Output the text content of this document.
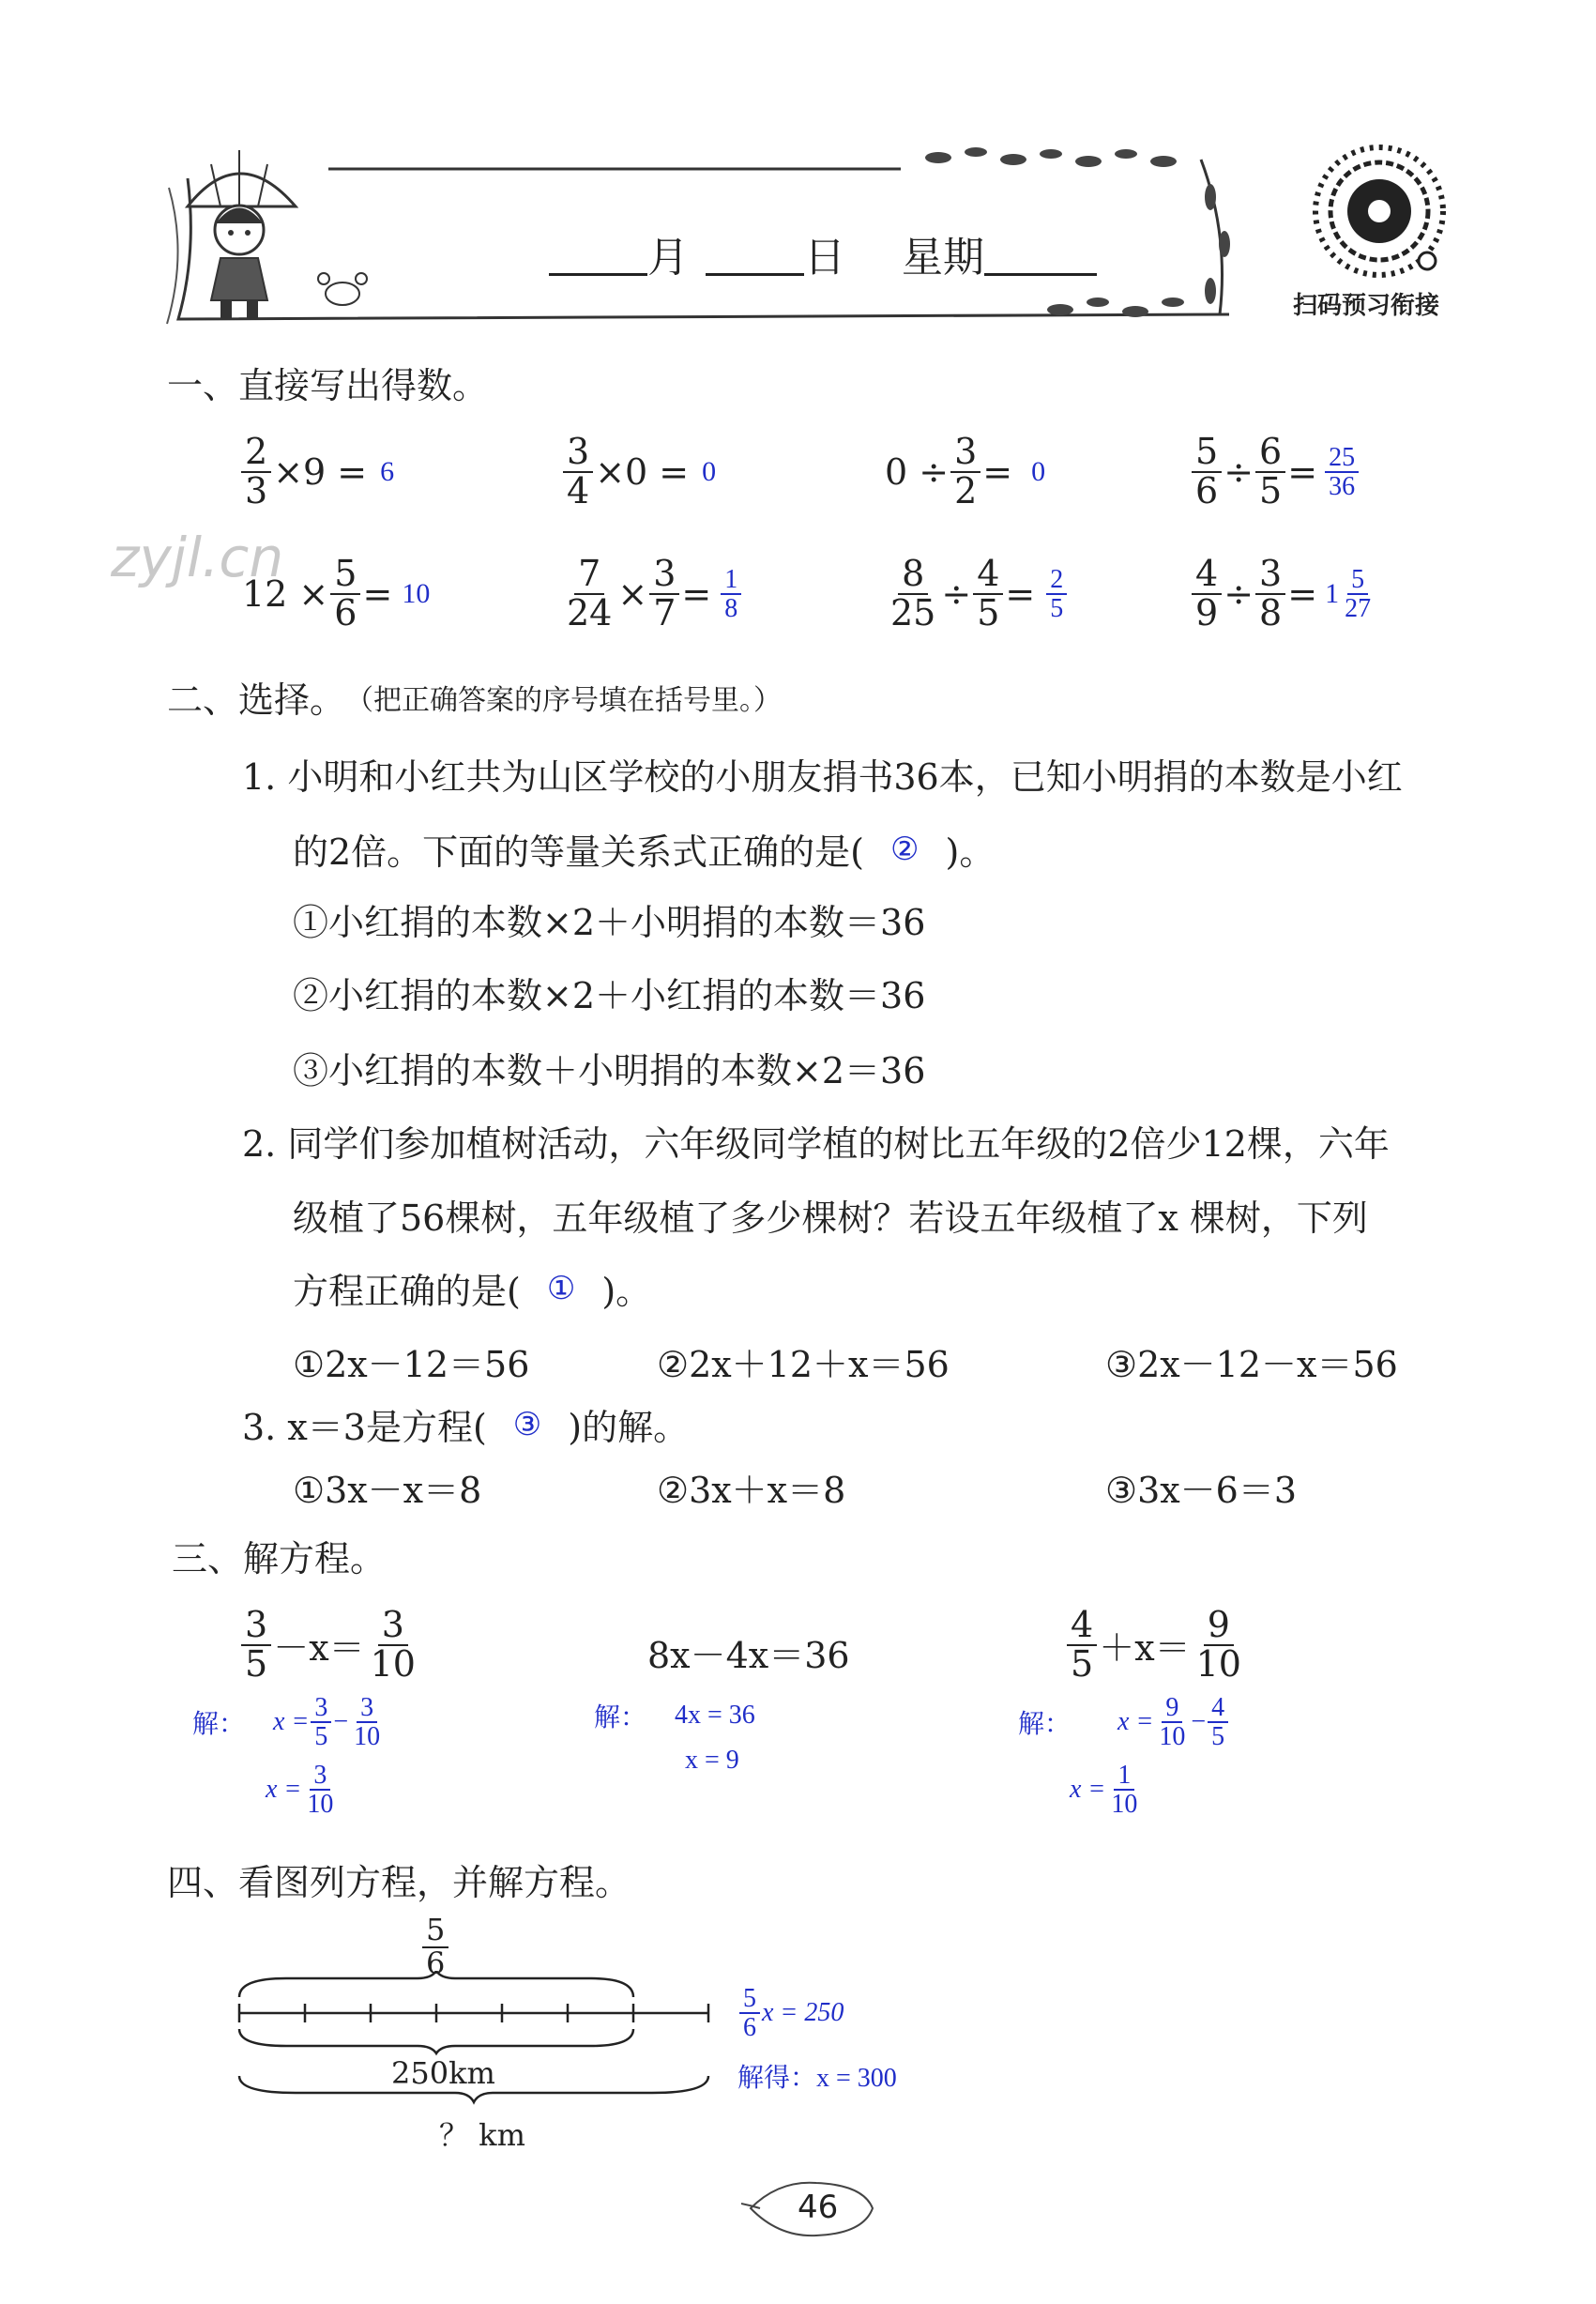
月	日 星期
扫码预习衔接
zyjl.cn
一、直接写出得数。
$\frac{2}{3} \times 9 = 6$	$\frac{3}{4} \times 0 = 0$	$0 \div \frac{3}{2} = 0$	$\frac{5}{6} \div \frac{6}{5} = \frac{25}{36}$
$12 \times \frac{5}{6} = 10$	$\frac{7}{24} \times \frac{3}{7} = \frac{1}{8}$	$\frac{8}{25} \div \frac{4}{5} = \frac{2}{5}$	$\frac{4}{9} \div \frac{3}{8} = 1 \frac{5}{27}$
二、选择。 （把正确答案的序号填在括号里。）
1. 小明和小红共为山区学校的小朋友捐书36本，已知小明捐的本数是小红
的2倍。下面的等量关系式正确的是( ② )。
①小红捐的本数×2＋小明捐的本数＝36
②小红捐的本数×2＋小红捐的本数＝36
③小红捐的本数＋小明捐的本数×2＝36
2. 同学们参加植树活动，六年级同学植的树比五年级的2倍少12棵，六年
级植了56棵树，五年级植了多少棵树？若设五年级植了x 棵树，下列
方程正确的是( ① )。
①2x－12＝56	②2x＋12＋x＝56	③2x－12－x＝56
3. x＝3是方程( ③ )的解。
①3x－x＝8	②3x＋x＝8	③3x－6＝3
三、解方程。
$\frac{3}{5} -x= \frac{3}{10}$
解： $x = \frac{3}{5} - \frac{3}{10}$
$x = \frac{3}{10}$
8x－4x＝36
解： 4x = 36
x = 9
$\frac{4}{5} +x= \frac{9}{10}$
解： $x = \frac{9}{10} - \frac{4}{5}$
$x = \frac{1}{10}$
四、看图列方程，并解方程。
$\frac{5}{6}$
250km
？ km
$\frac{5}{6}$ x = 250
解得：x = 300
46
